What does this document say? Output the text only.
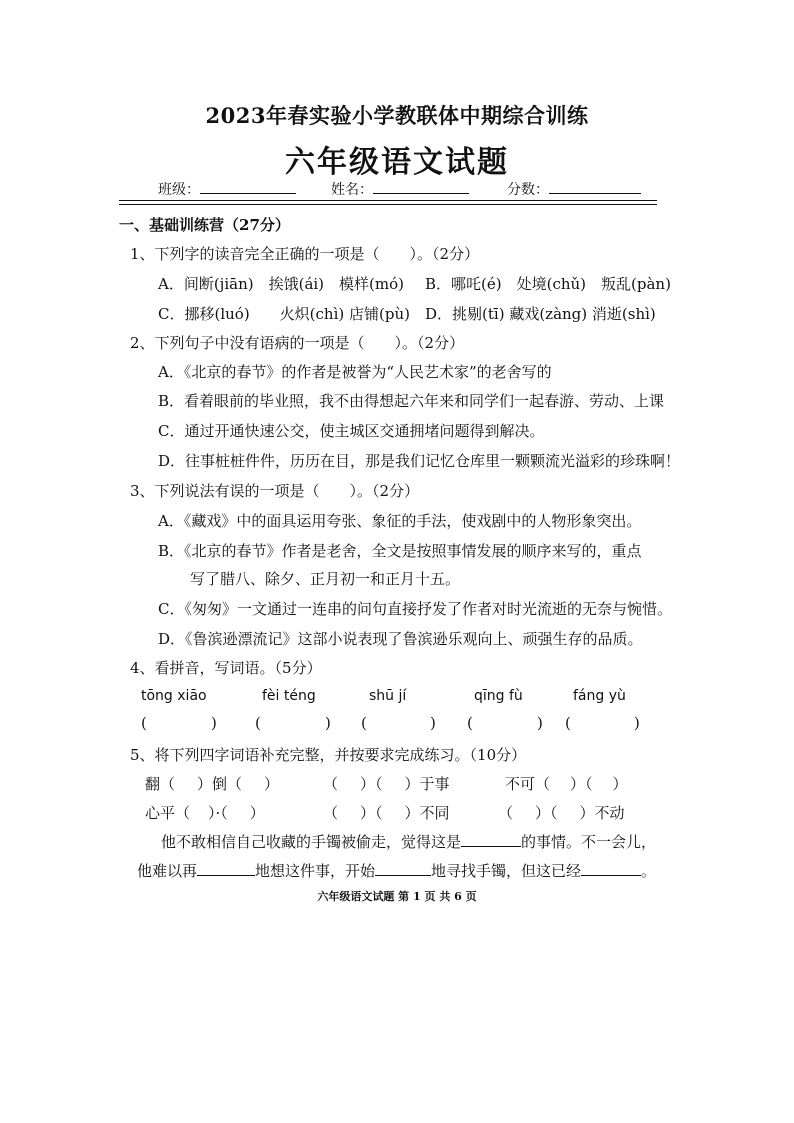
2023年春实验小学教联体中期综合训练
六年级语文试题
班级：	姓名：	分数：
一、基础训练营（27分）
1、下列字的读音完全正确的一项是（　　）。（2分）
A．间断(jiān)　挨饿(ái)　模样(mó) B．哪吒(é)　处境(chǔ)　叛乱(pàn)
C．挪移(luó)　　火炽(chì) 店铺(pù) D．挑剔(tī) 藏戏(zàng) 消逝(shì)
2、下列句子中没有语病的一项是（　　）。（2分）
A．《北京的春节》的作者是被誉为“人民艺术家”的老舍写的
B．看着眼前的毕业照，我不由得想起六年来和同学们一起春游、劳动、上课
C．通过开通快速公交，使主城区交通拥堵问题得到解决。
D．往事桩桩件件，历历在目，那是我们记忆仓库里一颗颗流光溢彩的珍珠啊！
3、下列说法有误的一项是（　　）。（2分）
A．《藏戏》中的面具运用夸张、象征的手法，使戏剧中的人物形象突出。
B．《北京的春节》作者是老舍，全文是按照事情发展的顺序来写的，重点
写了腊八、除夕、正月初一和正月十五。
C．《匆匆》一文通过一连串的问句直接抒发了作者对时光流逝的无奈与惋惜。
D．《鲁滨逊漂流记》这部小说表现了鲁滨逊乐观向上、顽强生存的品质。
4、看拼音，写词语。（5分）
tōng xiāo	fèi téng	shū jí	qīng fù	fáng yù
(	)	(	) (	) (	) (	)
5、将下列四字词语补充完整，并按要求完成练习。（10分）
翻（ ）倒（ ）	（ ）（ ）于事	不可（ ）（ ）
心平（ ）·（ ）	（ ）（ ）不同	（ ）（ ）不动
他不敢相信自己收藏的手镯被偷走，觉得这是	的事情。不一会儿，
他难以再	地想这件事，开始	地寻找手镯，但这已经	。
六年级语文试题 第 1 页 共 6 页
